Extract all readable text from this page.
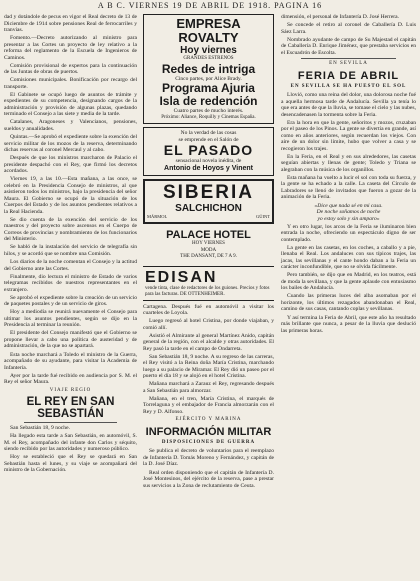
A B C. VIERNES 19 DE ABRIL DE 1918. PAGINA 16

dad y dotándole de pecus en vigor el Real decreto de 13 de Diciembre de 1914 sobre pensiones Real de ferrocarriles y tranvías.

Fomento.—Decreto autorizando al ministro para presentar a las Cortes un proyecto de ley relativo a la reforma del reglamento de la Escuela de Ingenieros de Caminos.

Comisión provisional de expertos para la continuación de las Juntas de obras de puertos.

Comisiones municipales. Bonificación por recargo del transporte.

El Gabinete se ocupó luego de asuntos de trámite y expedientes de su competencia, designando cargos de la administración y provisión de algunas plazas, quedando terminado el Consejo a las siete y media de la tarde.

Catalanes, Aragoneses y Valencianos, pensiones, sueldos y anualidades.

Quintas.—Se aprobó el expediente sobre la exención del servicio militar de los mozos de la reserva, determinando dichas reservas al coronel Mercaul y al cabo.

Después de que los ministros marcharon de Palacio el presidente despachó con el Rey, que firmó los decretos acordados.

Viernes 19, a las 10.—Esta mañana, a las once, se celebró en la Presidencia Consejo de ministros, al que asistieron todos los ministros, bajo la presidencia del señor Maura. El Gobierno se ocupó de la situación de los Cuerpos del Estado y de los asuntos pendientes relativos a la Real Hacienda.

Se dio cuenta de la exención del servicio de los maestros y del proyecto sobre ascensos en el Cuerpo de Correos de provincias y nombramiento de los funcionarios del Ministerio.

Se habló de la instalación del servicio de telegrafía sin hilos, y se acordó que se nombre una Comisión.

Los diarios de la noche comentan el Consejo y la actitud del Gobierno ante las Cortes.

Finalmente, dio lectura el ministro de Estado de varios telegramas recibidos de nuestros representantes en el extranjero.

Se aprobó el expediente sobre la creación de un servicio de paquetes postales y de un servicio de giros.

Hoy a mediodía se reunirá nuevamente el Consejo para ultimar los asuntos pendientes, según se dijo en la Presidencia al terminar la reunión.

El presidente del Consejo manifestó que el Gobierno se propone llevar a cabo una política de austeridad y de administración, de la que no se apartará.

Esta noche marchará a Toledo el ministro de la Guerra, acompañado de su ayudante, para visitar la Academia de Infantería.

Ayer por la tarde fué recibido en audiencia por S. M. el Rey el señor Maura.

VIAJE REGIO
EL REY EN SAN SEBASTIÁN

San Sebastián 18, 9 noche.

Ha llegado esta tarde a San Sebastián, en automóvil, S. M. el Rey, acompañado del infante don Carlos y séquito, siendo recibido por las autoridades y numeroso público.

Hoy se estableció que el Rey se quedará en San Sebastián hasta el lunes, y su viaje se acompañará del ministro de la Gobernación.

EMPRESA ROVALTY
Hoy viernes
GRANDES ESTRENOS
Redes de intriga
Cinco partes, por Alice Brady.
Programa Ajuria
Isla de redención
Cuatro partes de mucho interés.
Próximo: Aliance, Roquilly y Cinemas España.
No la verdad de las cosas
se emprende en el Salón de
EL PASADO
sensacional novela inédita, de
Antonio de Hoyos y Vinent
SIBERIA
SALCHICHON
MÁRMOL	GÜINT
PALACE HOTEL
HOY VIERNES
MODA
THE DANSANT, DE 7 A 9.
EDISAN
vende tinta, clase de redactores de los guiones. Precios y fotos para las facturas. DE OTTENHEIMER.

Cartagena. Después fué en automóvil a visitar los cuarteles de Loyola.

Luego regresó al hotel Cristina, por donde viajaban, y comió allí.

Asistió el Almirante al general Martínez Anido, capitán general de la región, con el alcalde y otras autoridades. El Rey pasó la tarde en el campo de Ondarreta.

San Sebastián 18, 9 noche. A su regreso de las carreras, el Rey visitó a la Reina doña María Cristina, marchando luego a su palacio de Miramar. El Rey dió un paseo por el puerto el día 18 y se alojó en el hotel Cristina.

Mañana marchará a Zarauz el Rey, regresando después a San Sebastián para almorzar.

Mañana, en el tren, María Cristina, el marqués de Torrelaguna y el embajador de Francia almorzarán con el Rey y D. Alfonso.

EJÉRCITO Y MARINA
INFORMACIÓN MILITAR
DISPOSICIONES DE GUERRA

Se publica el decreto de voluntarios para el reemplazo de Infantería D. Tomás Moreno y Fernández, y capitán de la D. José Díaz.

Real orden disponiendo que el capitán de Infantería D. José Montesinos, del ejército de la reserva, pase a prestar sus servicios a la Zona de reclutamiento de Ceuta.

dimensión, el personal de Infantería D. José Herrera.

Se concede el retiro al coronel de Caballería D. Luis Sáez Larra.

Nombrado ayudante de campo de Su Majestad el capitán de Caballería D. Enrique Jiménez, que prestaba servicios en el Escuadrón de Escolta.

EN SEVILLA
FERIA DE ABRIL
EN SEVILLA SE HA PUESTO EL SOL

Llovió, como una reina del dolor, una dolorosa noche fué a aquella hermosa tarde de Andalucía. Sevilla ya tenía lo que era antes de que la lluvia, se tomase el cielo y las nubes, desencadenasen la tormenta sobre la Feria.

Era la hora en que la gente, señoritos y mozos, cruzaban por el paseo de los Pinos. La gente se divertía en grande, así como en años anteriores, según recuerdan los viejos. Con aire de un dolor sin límite, hubo que volver a casa y se recogieron los trajes.

En la Feria, en el Real y en sus alrededores, las casetas seguían abiertas y llenas de gente; Toledo y Triana se alegraban con la música de los organillos.

Esta mañana ha vuelto a lucir el sol con toda su fuerza, y la gente se ha echado a la calle. La caseta del Círculo de Labradores se llenó de invitados que fueron a gozar de la animación de la Feria.

«Dice que nada sé en mi casa.

De noche soñamos de noche

yo estoy solo y sin amparo»

Y en otro lugar, los arcos de la Feria se iluminaron bien entrada la noche, ofreciendo un espectáculo digno de ser contemplado.

La gente en las casetas, en los coches, a caballo y a pie, llenaba el Real. Los andaluces con sus típicos trajes, las jacas, las sevillanas y el cante hondo daban a la Feria un carácter inconfundible, que no se olvida fácilmente.

Pero también, se dijo que en Madrid, en los teatros, está de moda la sevillana, y que la gente aplaude con entusiasmo los bailes de Andalucía.

Cuando las primeras luces del alba asomaban por el horizonte, los últimos rezagados abandonaban el Real, camino de sus casas, cantando coplas y sevillanas.

Y así termina la Feria de Abril, que este año ha resultado más brillante que nunca, a pesar de la lluvia que deslució las primeras horas.
